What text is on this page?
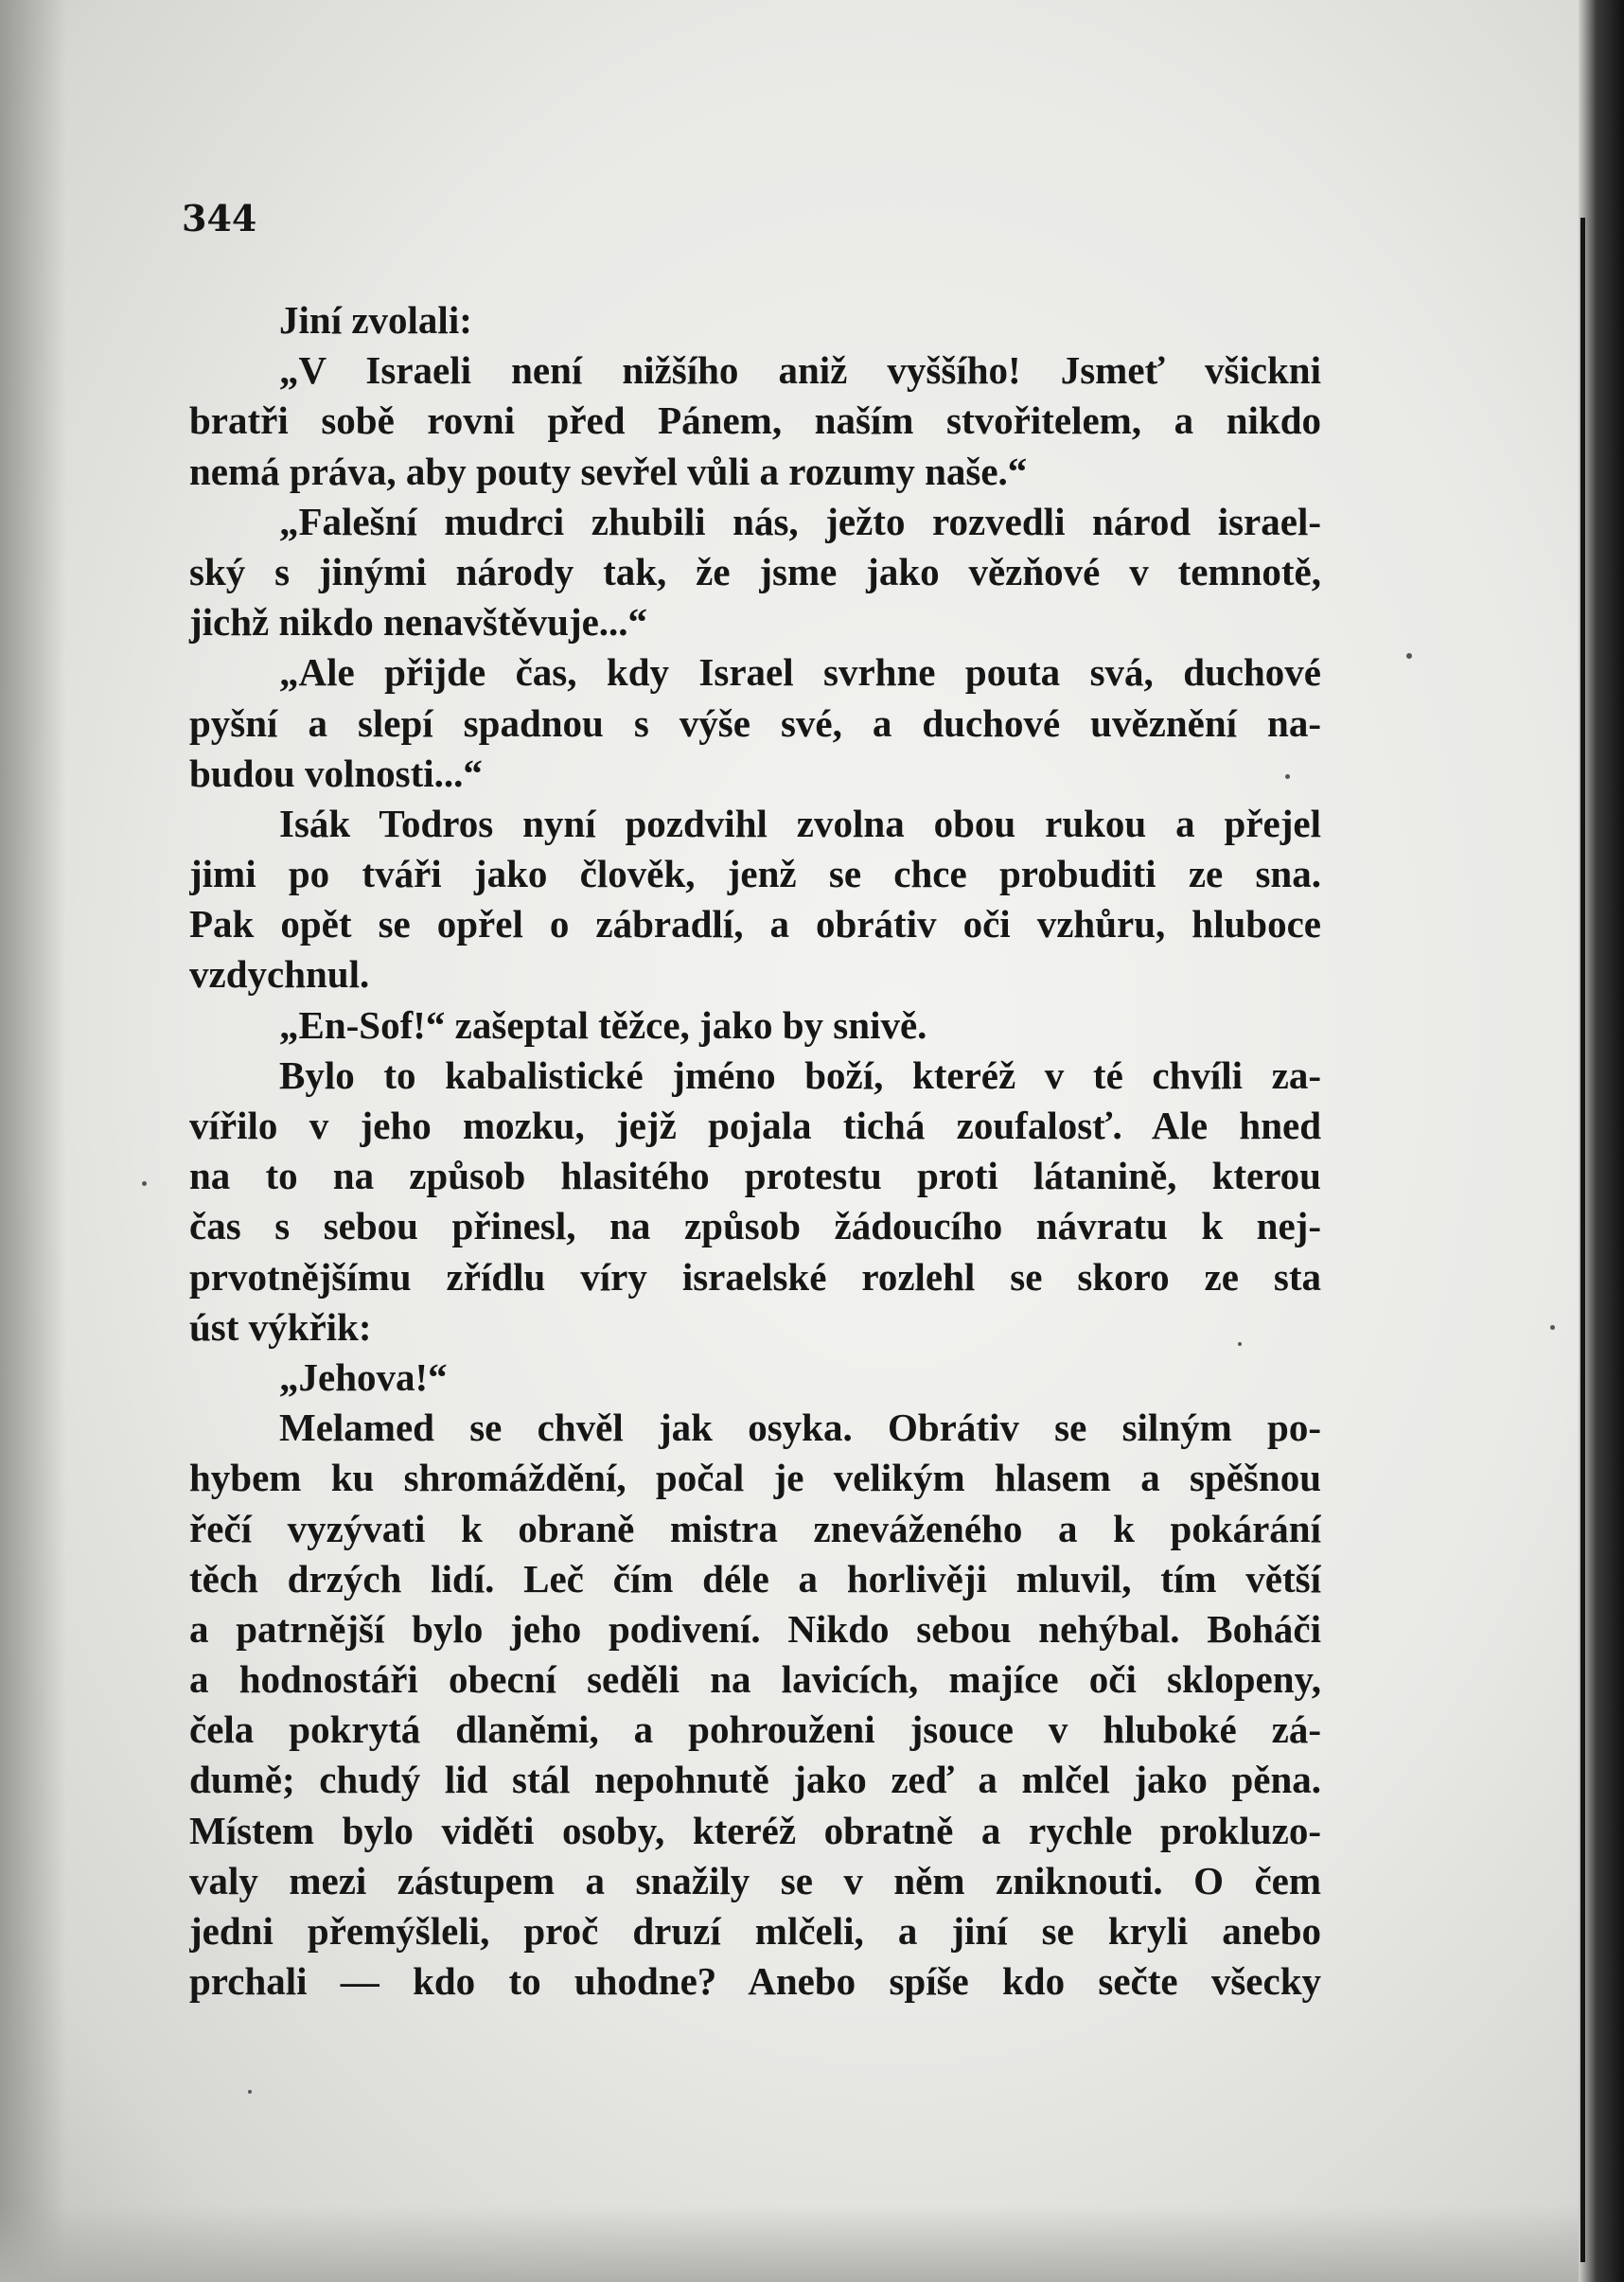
344
Jiní zvolali:
„V Israeli není nižšího aniž vyššího! Jsmeť všickni
bratři sobě rovni před Pánem, naším stvořitelem, a nikdo
nemá práva, aby pouty sevřel vůli a rozumy naše.“
„Falešní mudrci zhubili nás, ježto rozvedli národ israel-
ský s jinými národy tak, že jsme jako vězňové v temnotě,
jichž nikdo nenavštěvuje...“
„Ale přijde čas, kdy Israel svrhne pouta svá, duchové
pyšní a slepí spadnou s výše své, a duchové uvěznění na-
budou volnosti...“
Isák Todros nyní pozdvihl zvolna obou rukou a přejel
jimi po tváři jako člověk, jenž se chce probuditi ze sna.
Pak opět se opřel o zábradlí, a obrátiv oči vzhůru, hluboce
vzdychnul.
„En-Sof!“ zašeptal těžce, jako by snivě.
Bylo to kabalistické jméno boží, kteréž v té chvíli za-
vířilo v jeho mozku, jejž pojala tichá zoufalosť. Ale hned
na to na způsob hlasitého protestu proti látanině, kterou
čas s sebou přinesl, na způsob žádoucího návratu k nej-
prvotnějšímu zřídlu víry israelské rozlehl se skoro ze sta
úst výkřik:
„Jehova!“
Melamed se chvěl jak osyka. Obrátiv se silným po-
hybem ku shromáždění, počal je velikým hlasem a spěšnou
řečí vyzývati k obraně mistra zneváženého a k pokárání
těch drzých lidí. Leč čím déle a horlivěji mluvil, tím větší
a patrnější bylo jeho podivení. Nikdo sebou nehýbal. Boháči
a hodnostáři obecní seděli na lavicích, majíce oči sklopeny,
čela pokrytá dlaněmi, a pohrouženi jsouce v hluboké zá-
dumě; chudý lid stál nepohnutě jako zeď a mlčel jako pěna.
Místem bylo viděti osoby, kteréž obratně a rychle prokluzo-
valy mezi zástupem a snažily se v něm zniknouti. O čem
jedni přemýšleli, proč druzí mlčeli, a jiní se kryli anebo
prchali — kdo to uhodne? Anebo spíše kdo sečte všecky
